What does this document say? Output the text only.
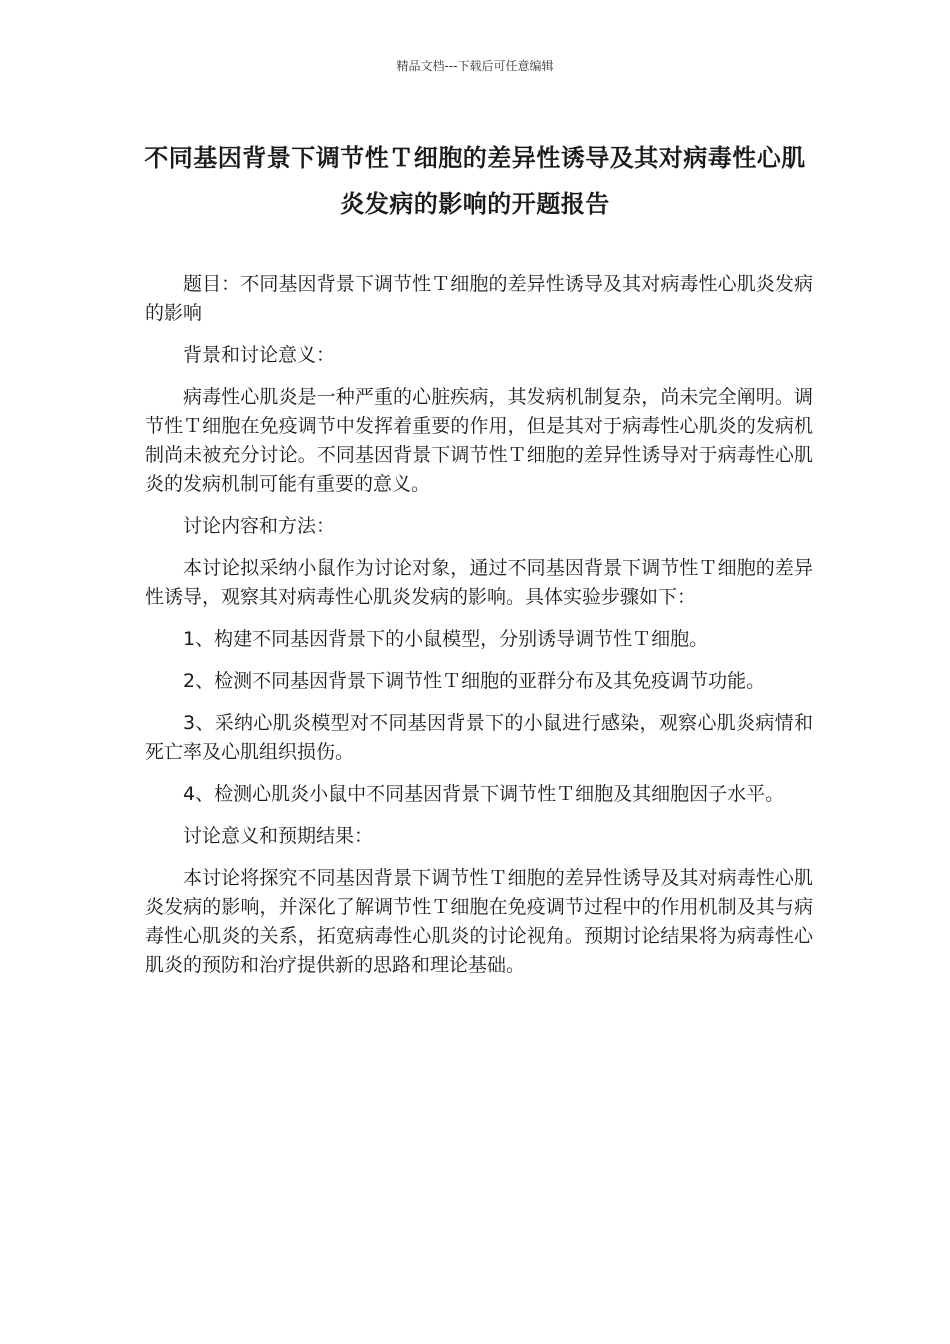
精品文档---下载后可任意编辑
不同基因背景下调节性Ｔ细胞的差异性诱导及其对病毒性心肌炎发病的影响的开题报告

题目：不同基因背景下调节性Ｔ细胞的差异性诱导及其对病毒性心肌炎发病的影响

背景和讨论意义：

病毒性心肌炎是一种严重的心脏疾病，其发病机制复杂，尚未完全阐明。调节性Ｔ细胞在免疫调节中发挥着重要的作用，但是其对于病毒性心肌炎的发病机制尚未被充分讨论。不同基因背景下调节性Ｔ细胞的差异性诱导对于病毒性心肌炎的发病机制可能有重要的意义。

讨论内容和方法：

本讨论拟采纳小鼠作为讨论对象，通过不同基因背景下调节性Ｔ细胞的差异性诱导，观察其对病毒性心肌炎发病的影响。具体实验步骤如下：

1、构建不同基因背景下的小鼠模型，分别诱导调节性Ｔ细胞。

2、检测不同基因背景下调节性Ｔ细胞的亚群分布及其免疫调节功能。

3、采纳心肌炎模型对不同基因背景下的小鼠进行感染，观察心肌炎病情和死亡率及心肌组织损伤。

4、检测心肌炎小鼠中不同基因背景下调节性Ｔ细胞及其细胞因子水平。

讨论意义和预期结果：

本讨论将探究不同基因背景下调节性Ｔ细胞的差异性诱导及其对病毒性心肌炎发病的影响，并深化了解调节性Ｔ细胞在免疫调节过程中的作用机制及其与病毒性心肌炎的关系，拓宽病毒性心肌炎的讨论视角。预期讨论结果将为病毒性心肌炎的预防和治疗提供新的思路和理论基础。
